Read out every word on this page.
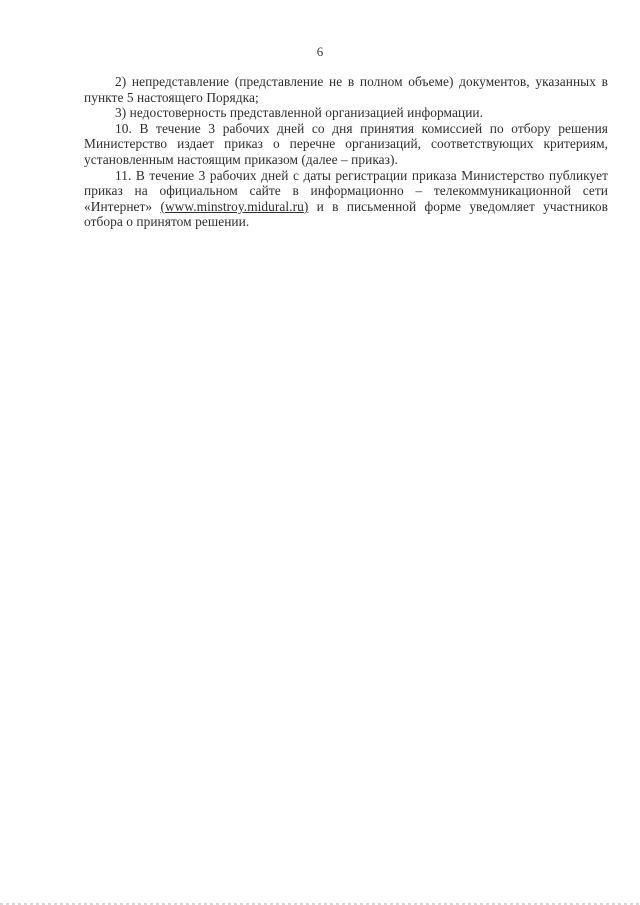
6

2) непредставление (представление не в полном объеме) документов, указанных в пункте 5 настоящего Порядка;

3) недостоверность представленной организацией информации.

10. В течение 3 рабочих дней со дня принятия комиссией по отбору решения Министерство издает приказ о перечне организаций, соответствующих критериям, установленным настоящим приказом (далее – приказ).

11. В течение 3 рабочих дней с даты регистрации приказа Министерство публикует приказ на официальном сайте в информационно – телекоммуникационной сети «Интернет» (www.minstroy.midural.ru) и в письменной форме уведомляет участников отбора о принятом решении.
